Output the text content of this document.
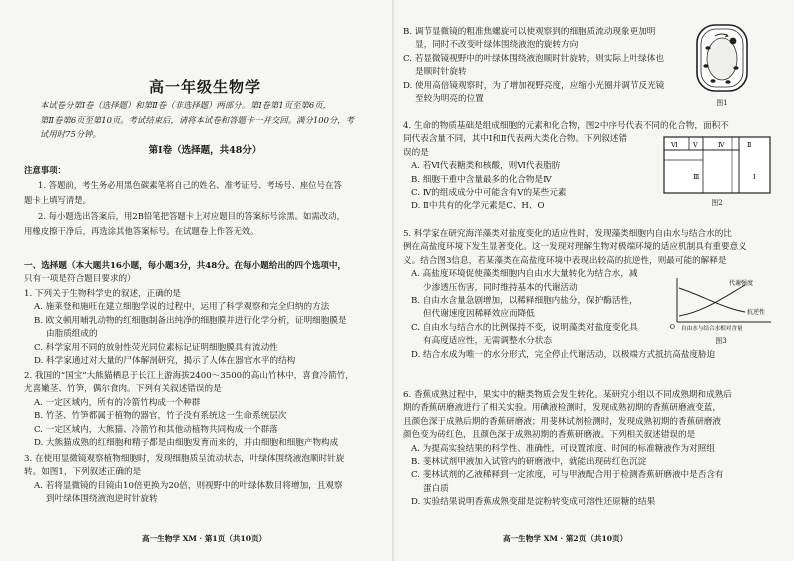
高一年级生物学
本试卷分第Ⅰ卷（选择题）和第Ⅱ卷（非选择题）两部分。第Ⅰ卷第1页至第6页，
第Ⅱ卷第6页至第10页。考试结束后，请将本试卷和答题卡一并交回。满分100分，考
试用时75分钟。
第Ⅰ卷（选择题，共48分）
注意事项：
1. 答题前，考生务必用黑色碳素笔将自己的姓名、准考证号、考场号、座位号在答
题卡上填写清楚。
2. 每小题选出答案后，用2B铅笔把答题卡上对应题目的答案标号涂黑。如需改动，
用橡皮擦干净后，再选涂其他答案标号。在试题卷上作答无效。
一、选择题（本大题共16小题，每小题3分，共48分。在每小题给出的四个选项中，
只有一项是符合题目要求的）
1. 下列关于生物科学史的叙述，正确的是
A. 施莱登和施旺在建立细胞学说的过程中，运用了科学观察和完全归纳的方法
B. 欧文顿用哺乳动物的红细胞制备出纯净的细胞膜并进行化学分析，证明细胞膜是
由脂质组成的
C. 科学家用不同的放射性荧光同位素标记证明细胞膜具有流动性
D. 科学家通过对大量的尸体解剖研究，揭示了人体在器官水平的结构
2. 我国的“国宝”大熊猫栖息于长江上游海拔2400～3500的高山竹林中，喜食冷箭竹，
尤喜嫩茎、竹笋，偶尔食肉。下列有关叙述错误的是
A. 一定区域内，所有的冷箭竹构成一个种群
B. 竹茎、竹笋都属于植物的器官，竹子没有系统这一生命系统层次
C. 一定区域内，大熊猫、冷箭竹和其他动植物共同构成一个群落
D. 大熊猫成熟的红细胞和精子都是由细胞发育而来的，并由细胞和细胞产物构成
3. 在使用显微镜观察植物细胞时，发现细胞质呈流动状态，叶绿体围绕液泡顺时针旋
转。如图1，下列叙述正确的是
A. 若将显微镜的目镜由10倍更换为20倍，则视野中的叶绿体数目将增加，且观察
到叶绿体围绕液泡逆时针旋转
高一生物学 XM · 第1页（共10页）
B. 调节显微镜的粗准焦螺旋可以使观察到的细胞质流动现象更加明
显，同时不改变叶绿体围绕液泡的旋转方向
C. 若显微镜视野中的叶绿体围绕液泡顺时针旋转，则实际上叶绿体也
是顺时针旋转
D. 使用高倍镜观察时，为了增加视野亮度，应缩小光圈并调节反光镜
至较为明亮的位置	图1
4. 生命的物质基础是组成细胞的元素和化合物，图2中序号代表不同的化合物，面积不
同代表含量不同，其中Ⅰ和Ⅱ代表两大类化合物。下列叙述错
误的是
A. 若Ⅵ代表糖类和核酸，则Ⅵ代表脂肪
B. 细胞干重中含量最多的化合物是Ⅳ
C. Ⅳ的组成成分中可能含有Ⅴ的某些元素
D. Ⅱ中共有的化学元素是C、H、O
Ⅵ Ⅴ	Ⅳ	Ⅱ
Ⅲ	Ⅰ
图2
5. 科学家在研究海洋藻类对盐度变化的适应性时，发现藻类细胞内自由水与结合水的比
例在高盐度环境下发生显著变化。这一发现对理解生物对极端环境的适应机制具有重要意义
义。结合图3信息，若某藻类在高盐度环境中表现出较高的抗逆性，则最可能的解释是
A. 高盐度环境促使藻类细胞内自由水大量转化为结合水，减
少渗透压伤害，同时维持基本的代谢活动
B. 自由水含量急剧增加，以稀释细胞内盐分，保护酶活性，
但代谢速度因稀释效应而降低
C. 自由水与结合水的比例保持不变，说明藻类对盐度变化具
有高度适应性，无需调整水分状态
D. 结合水成为唯一的水分形式，完全停止代谢活动，以极端方式抵抗高盐度胁迫
代谢强度
抗逆性
O 自由水与结合水相对含量
图3
6. 香蕉成熟过程中，果实中的糖类物质会发生转化。某研究小组以不同成熟期和成熟后
期的香蕉研磨液进行了相关实验。用碘液检测时，发现成熟初期的香蕉研磨液变蓝，
且颜色深于成熟后期的香蕉研磨液；用斐林试剂检测时，发现成熟初期的香蕉研磨液
颜色变为砖红色，且颜色深于成熟初期的香蕉研磨液。下列相关叙述错误的是
A. 为提高实验结果的科学性、准确性，可设置浓度、时间的标准糖液作为对照组
B. 斐林试剂甲液加入试管内的研磨液中，就能出现砖红色沉淀
C. 斐林试剂的乙液稀释到一定浓度，可与甲液配合用于检测香蕉研磨液中是否含有
蛋白质
D. 实验结果说明香蕉成熟变甜是淀粉转变成可溶性还原糖的结果
高一生物学 XM · 第2页（共10页）
